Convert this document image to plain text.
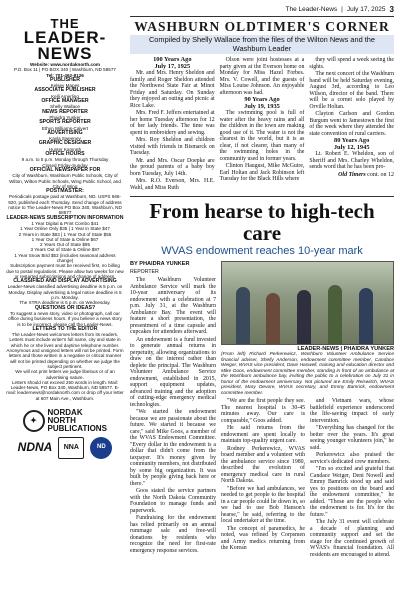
The Leader-News | July 17, 2025 3
THE
LEADER-NEWS

Website: www.nordaknorth.com

P.O. Box 11 | PO BOX 340 | Washburn, ND 58577

Tel: 701-462-8126

PUBLISHER

Kelsey Mapes

ASSOCIATE PUBLISHER

Kelli Amerling

OFFICE MANAGER

Shelly Wallace

NEWS REPORTER

Phaidra Yunker

SPORTS REPORTER

Ethyn Williams-Calvert

ADVERTISING

Kayla Sweeney

GRAPHIC DESIGNER

Hunter Kamrath

OFFICE HOURS

9 a.m. to 5 p.m. Monday through Thursday

Closed Friday-Sunday

OFFICIAL NEWSPAPER FOR

City of Washburn, Washburn Public Schools, City of Wilton, Wilton Public Schools, Wing Public School, and City of Wing

POSTMASTER:

Periodicals postage paid at Washburn, ND. USPS 666-920, published each Thursday. Send change of address notice to The Leader-News PO Box 340, Washburn, ND 58577

LEADER-NEWS SUBSCRIPTION INFORMATION

1 Year Digital & Print Combo $41

1 Year Online Only $35 | 1 Year in State $47

2 Years in State $83 | 1 Year Out of State $55

1 Year Out of State & Online $67

2 Years Out of State $95

3 Years Out of State & Online $97

1 Year Snow Bird $53 (includes seasonal address change)

Subscription payment must be received first, no billing due to postal regulations. Please allow two weeks for new or restarted subscriptions and change of address.

CLASSIFIED AND DISPLAY ADVERTISING

Leader-News classified advertising deadline is 5 p.m. on Monday. Display advertising & legal notice deadline is 5 p.m. Monday.

The XTRA deadline is 5 p.m. on Wednesday.

QUESTIONS OR IDEAS?

To suggest a news story, video or photograph, call our office during business hours. If you believe a news story is to be incorrect, please call the Leader-News.

LETTERS TO THE EDITOR

The Leader-News welcomes letters from its readers. Letters must include writer's full name, city and state in which he or she lives and daytime telephone number. Anonymous and unsigned letters will not be printed. Form letters and those written in a negative or critical manner will not be printed depending on whether we judge the subject pertinent.

We will not print letters we judge libelous or of an advertising nature.

Letters should not exceed 250 words in length. Mail: Leader-News, PO Box 340, Washburn, ND 58577. E-mail: leadernews@nordaknorth.com or drop off your letter at 607 Main Ave., Washburn.

✦
NORDAK NORTH PUBLICATIONS
NDNA	NNA	ND
WASHBURN OLDTIMER'S CORNER
Compiled by Shelly Wallace from the files of the Wilton News and the Washburn Leader
100 Years Ago
July 17, 1925

Mr. and Mrs. Henry Sheldon and family and Roger Sheldon attended the Northwest State Fair at Minot Friday and Saturday. On Sunday they enjoyed an outing and picnic at Rice Lake.

Mrs. Fred F. Jeffers entertained at her home Tuesday afternoon for 12 of her lady friends. The time was spent in embroidery and sewing.

Mrs. Roy Sheldon and children visited with friends in Bismarck on Tuesday.

Mr. and Mrs. Oscar Doepke are the proud parents of a baby boy born Tuesday, July 14th.

Mrs. R.O. Everson, Mrs. H.E. Wahl, and Miss Ruth

Olson were joint hostesses at a party given at the Everson home on Monday for Miss Hazel Forbes. Mrs. V. Cowell, and the guests of Miss Louise Johnson. An enjoyable afternoon was had.

90 Years Ago
July 19, 1935

The swimming pool is full of water after the heavy rains and all the children in the town are making good use of it. The water is not the clearest in the world, but it is as clear, if not clearer, than many of the swimming holes in the community used in former years.

Clinton Haugust, Mike McGuire, Earl Holtan and Jack Robinson left Tuesday for the Black Hills where

they will spend a week seeing the sights.

The next concert of the Washburn band will be held Saturday evening, August 3rd, according to Leo Wilson, director of the band. There will be a cornet solo played by Orville Holtan.

Clayton Carlson and Gordon Burgum went to Jamestown the first of the week where they attended the state convention of rural carriers.

80 Years Ago
July 12, 1945

Lt. Robert E. Wheldon, son of Sheriff and Mrs. Charley Wheldon, sends word that he has been pro-

Old Timers cont. on 12
From hearse to high-tech care
WVAS endowment reaches 10-year mark

BY PHAIDRA YUNKER

REPORTER

The Washburn Volunteer Ambulance Service will mark the 10-year anniversary of its endowment with a celebration at 7 p.m. July 31, at the Washburn Ambulance Bay. The event will feature a short presentation, the presentment of a time capsule and cupcakes for attendees afterward.

An endowment is a fund invested to generate annual returns in perpetuity, allowing organizations to draw on the interest rather than deplete the principal. The Washburn Volunteer Ambulance Service endowment, established in 2015, support equipment updates, advanced training and the adoption of cutting-edge emergency medical technologies.

"We started the endowment because we are passionate about the future. We started it because we care," said Mike Goos, a member of the WVAS Endowment Committee. "Every dollar in the endowment is a dollar that didn't come from the taxpayer. It's money given by community members, not distributed by some big organization. It was built by people giving back here or there."

Goos stated the service partners with the North Dakota Community Foundation to manage funds and paperwork.

Fundraising for the endowment has relied primarily on an annual rummage sale and free-will donations by residents who recognize the need for first-rate emergency response services.

LEADER-NEWS | PHAIDRA YUNKER
(From left) Richard Perkerewicz, Washburn Volunteer Ambulance Service financial adviser, Shelly Anderson, endowment committee member, Candace Weiger, WVAS vice president, Dave Haswell, training and education director and Mike Goos, endowment committee member, standing in front of an ambulance at the Washburn ambulance bay, inviting the public to a celebration on July 31 in honor of the endowment anniversary. Not pictured are Emily Reiswitch, WVAS president, Mary Devore, WVAS secretary, and Emmy Bamrick, endowment committee member.

"We are the first people they see. The nearest hospital is 30-45 minutes away. Our care is comparable," Goos added.

He said returns from the endowment are spent locally to maintain top-quality urgent care.

Rodney Perkerewicz, WVAS board member and a volunteer with the ambulance service since 1980, described the evolution of emergency medical care in rural North Dakota.

"Before we had ambulances, we needed to get people to the hospital in a car people could lie down in, so we had to use Bob Hanson's hearse," he said, referring to the local undertaker at the time.

The concept of paramedics, he noted, was refined by Corpsmen and Army medics returning from the Korean

and Vietnam wars, whose battlefield experience underscored the life-saving impact of early intervention.

"Everything has changed for the better over the years. It's great seeing younger volunteers join," he said.

Perkerewicz also praised the service's dedicated crew members.

"I'm so excited and grateful that Candace Weiger, Deni Nowell and Emmy Bamrick stood up and said yes to positions on the board and the endowment committee," he added. "Those are the people who the endowment is for. It's for the future."

The July 31 event will celebrate a decade of planning and community support and set the stage for the continued growth of WVAS's financial foundation. All residents are encouraged to attend.
